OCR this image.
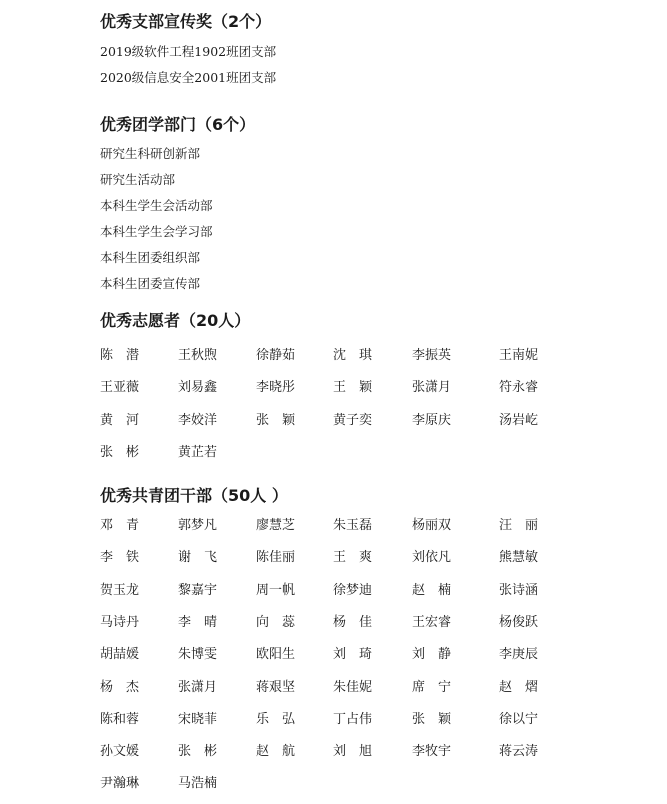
优秀支部宣传奖（2个）
2019级软件工程1902班团支部
2020级信息安全2001班团支部
优秀团学部门（6个）
研究生科研创新部
研究生活动部
本科生学生会活动部
本科生学生会学习部
本科生团委组织部
本科生团委宣传部
优秀志愿者（20人）
陈　潜	王秋煦	徐静茹	沈　琪	李振英	王南妮
王亚薇	刘易鑫	李晓彤	王　颖	张潇月	符永睿
黄　河	李姣洋	张　颖	黄子奕	李原庆	汤岩屹
张　彬	黄芷若
优秀共青团干部（50人 ）
邓　青	郭梦凡	廖慧芝	朱玉磊	杨丽双	汪　丽
李　铁	谢　飞	陈佳丽	王　爽	刘依凡	熊慧敏
贺玉龙	黎嘉宇	周一帆	徐梦迪	赵　楠	张诗涵
马诗丹	李　晴	向　蕊	杨　佳	王宏睿	杨俊跃
胡喆媛	朱博雯	欧阳生	刘　琦	刘　静	李庚辰
杨　杰	张潇月	蒋艰坚	朱佳妮	席　宁	赵　熠
陈和蓉	宋晓菲	乐　弘	丁占伟	张　颖	徐以宁
孙文媛	张　彬	赵　航	刘　旭	李牧宇	蒋云涛
尹瀚琳	马浩楠
